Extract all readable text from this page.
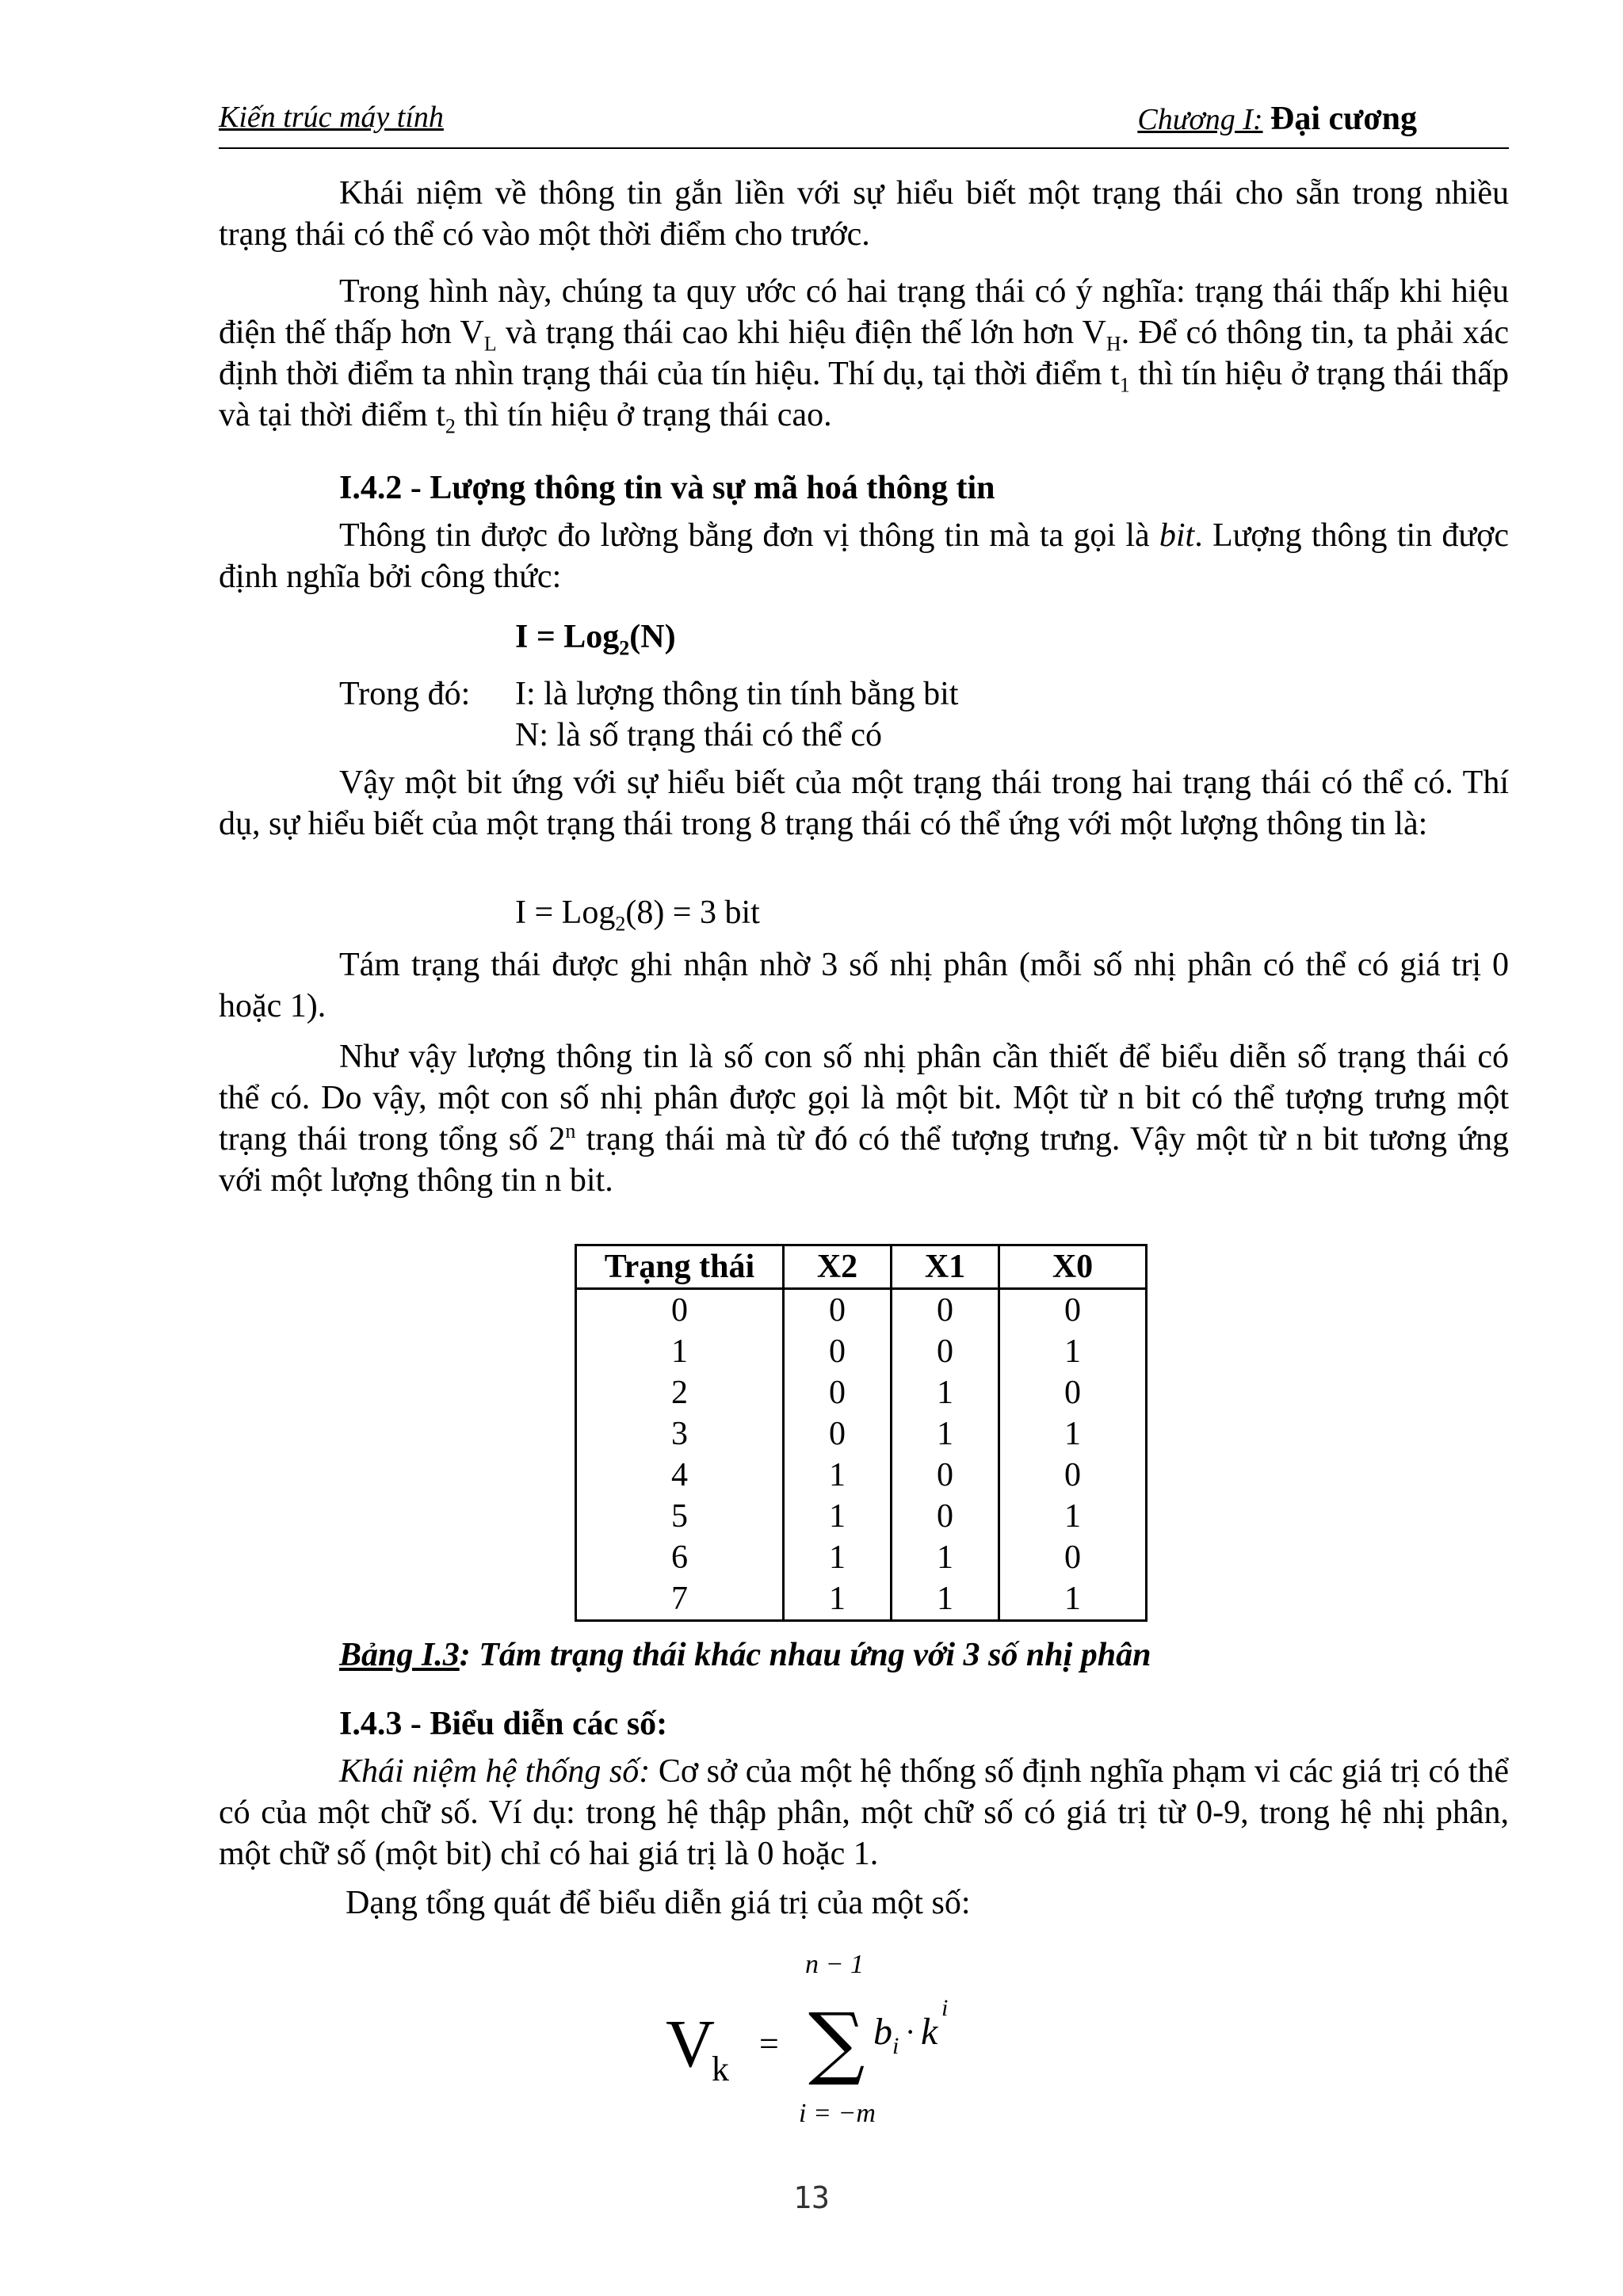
Kiến trúc máy tính	Chương I: Đại cương

Khái niệm về thông tin gắn liền với sự hiểu biết một trạng thái cho sẵn trong nhiều trạng thái có thể có vào một thời điểm cho trước.

Trong hình này, chúng ta quy ước có hai trạng thái có ý nghĩa: trạng thái thấp khi hiệu điện thế thấp hơn $V_L$ và trạng thái cao khi hiệu điện thế lớn hơn $V_H$. Để có thông tin, ta phải xác định thời điểm ta nhìn trạng thái của tín hiệu. Thí dụ, tại thời điểm $t_1$ thì tín hiệu ở trạng thái thấp và tại thời điểm $t_2$ thì tín hiệu ở trạng thái cao.

I.4.2 - Lượng thông tin và sự mã hoá thông tin

Thông tin được đo lường bằng đơn vị thông tin mà ta gọi là bit. Lượng thông tin được định nghĩa bởi công thức:

I = Log$_2$(N)
Trong đó: I: là lượng thông tin tính bằng bit
N: là số trạng thái có thể có

Vậy một bit ứng với sự hiểu biết của một trạng thái trong hai trạng thái có thể có. Thí dụ, sự hiểu biết của một trạng thái trong 8 trạng thái có thể ứng với một lượng thông tin là:

I = Log$_2$(8) = 3 bit

Tám trạng thái được ghi nhận nhờ 3 số nhị phân (mỗi số nhị phân có thể có giá trị 0 hoặc 1).

Như vậy lượng thông tin là số con số nhị phân cần thiết để biểu diễn số trạng thái có thể có. Do vậy, một con số nhị phân được gọi là một bit. Một từ n bit có thể tượng trưng một trạng thái trong tổng số 2$^n$ trạng thái mà từ đó có thể tượng trưng. Vậy một từ n bit tương ứng với một lượng thông tin n bit.

Trạng thái	X2	X1	X0
0	0	0	0
1	0	0	1
2	0	1	0
3	0	1	1
4	1	0	0
5	1	0	1
6	1	1	0
7	1	1	1
Bảng I.3: Tám trạng thái khác nhau ứng với 3 số nhị phân

I.4.3 - Biểu diễn các số:

Khái niệm hệ thống số: Cơ sở của một hệ thống số định nghĩa phạm vi các giá trị có thể có của một chữ số. Ví dụ: trong hệ thập phân, một chữ số có giá trị từ 0-9, trong hệ nhị phân, một chữ số (một bit) chỉ có hai giá trị là 0 hoặc 1.

Dạng tổng quát để biểu diễn giá trị của một số:
V
k
=
n − 1
∑
i = −m
b i · k
i
13
